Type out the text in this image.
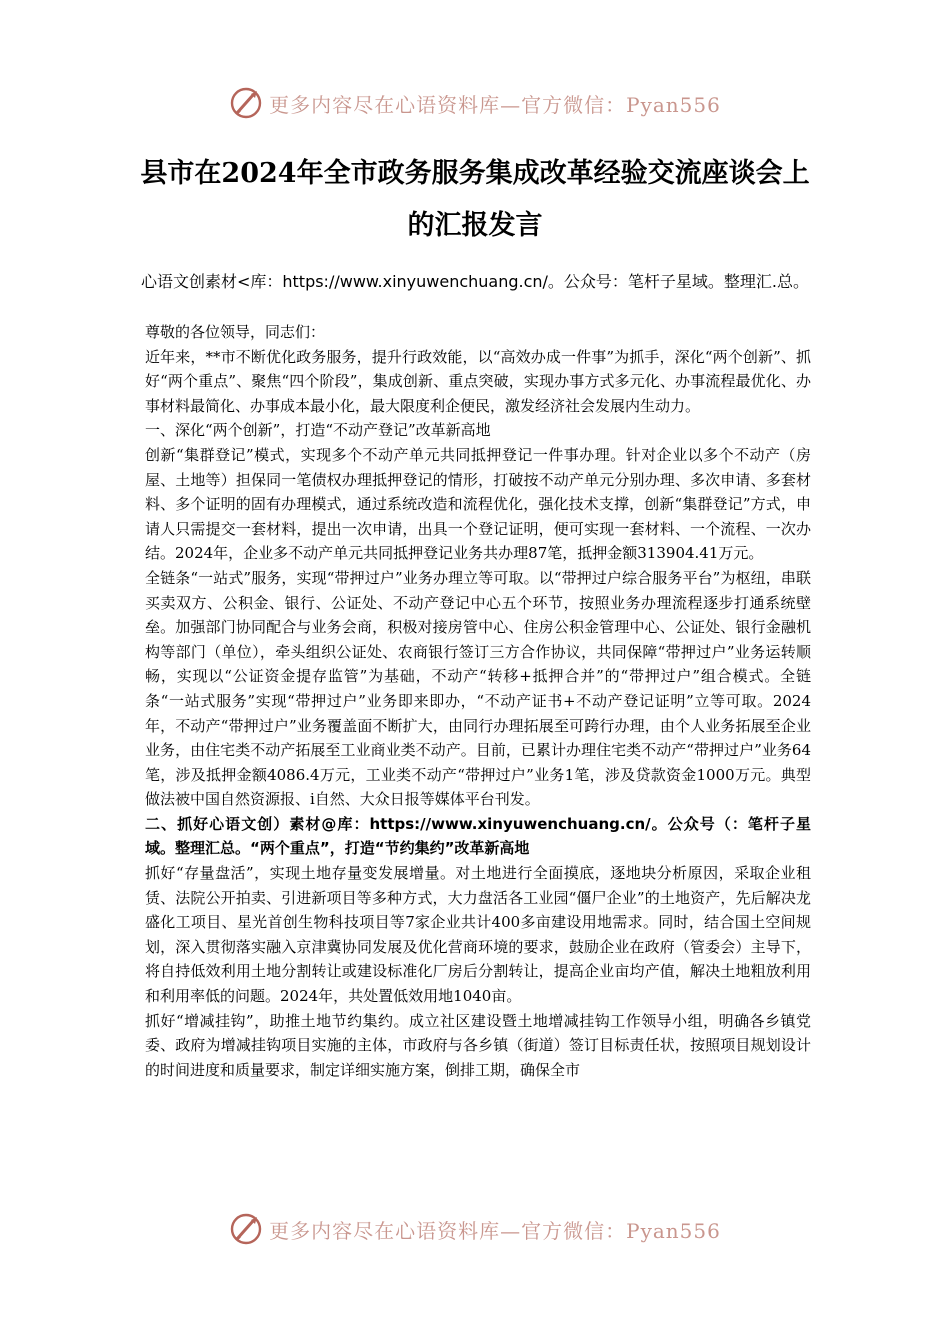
更多内容尽在心语资料库—官方微信：Pyan556
县市在2024年全市政务服务集成改革经验交流座谈会上的汇报发言
心语文创素材<库：https://www.xinyuwenchuang.cn/。公众号：笔杆子星域。整理汇.总。

尊敬的各位领导，同志们：

近年来，**市不断优化政务服务，提升行政效能，以“高效办成一件事”为抓手，深化“两个创新”、抓好“两个重点”、聚焦“四个阶段”，集成创新、重点突破，实现办事方式多元化、办事流程最优化、办事材料最简化、办事成本最小化，最大限度利企便民，激发经济社会发展内生动力。

一、深化“两个创新”，打造“不动产登记”改革新高地

创新“集群登记”模式，实现多个不动产单元共同抵押登记一件事办理。针对企业以多个不动产（房屋、土地等）担保同一笔债权办理抵押登记的情形，打破按不动产单元分别办理、多次申请、多套材料、多个证明的固有办理模式，通过系统改造和流程优化，强化技术支撑，创新“集群登记”方式，申请人只需提交一套材料，提出一次申请，出具一个登记证明，便可实现一套材料、一个流程、一次办结。2024年，企业多不动产单元共同抵押登记业务共办理87笔，抵押金额313904.41万元。

全链条“一站式”服务，实现“带押过户”业务办理立等可取。以“带押过户综合服务平台”为枢纽，串联买卖双方、公积金、银行、公证处、不动产登记中心五个环节，按照业务办理流程逐步打通系统壁垒。加强部门协同配合与业务会商，积极对接房管中心、住房公积金管理中心、公证处、银行金融机构等部门（单位），牵头组织公证处、农商银行签订三方合作协议，共同保障“带押过户”业务运转顺畅，实现以“公证资金提存监管”为基础，不动产“转移+抵押合并”的“带押过户”组合模式。全链条“一站式服务”实现“带押过户”业务即来即办，“不动产证书+不动产登记证明”立等可取。2024年，不动产“带押过户”业务覆盖面不断扩大，由同行办理拓展至可跨行办理，由个人业务拓展至企业业务，由住宅类不动产拓展至工业商业类不动产。目前，已累计办理住宅类不动产“带押过户”业务64笔，涉及抵押金额4086.4万元，工业类不动产“带押过户”业务1笔，涉及贷款资金1000万元。典型做法被中国自然资源报、i自然、大众日报等媒体平台刊发。

二、抓好心语文创）素材@库：https://www.xinyuwenchuang.cn/。公众号（：笔杆子星域。整理汇总。“两个重点”，打造“节约集约”改革新高地

抓好“存量盘活”，实现土地存量变发展增量。对土地进行全面摸底，逐地块分析原因，采取企业租赁、法院公开拍卖、引进新项目等多种方式，大力盘活各工业园“僵尸企业”的土地资产，先后解决龙盛化工项目、星光首创生物科技项目等7家企业共计400多亩建设用地需求。同时，结合国土空间规划，深入贯彻落实融入京津冀协同发展及优化营商环境的要求，鼓励企业在政府（管委会）主导下，将自持低效利用土地分割转让或建设标准化厂房后分割转让，提高企业亩均产值，解决土地粗放利用和利用率低的问题。2024年，共处置低效用地1040亩。

抓好“增减挂钩”，助推土地节约集约。成立社区建设暨土地增减挂钩工作领导小组，明确各乡镇党委、政府为增减挂钩项目实施的主体，市政府与各乡镇（街道）签订目标责任状，按照项目规划设计的时间进度和质量要求，制定详细实施方案，倒排工期，确保全市

更多内容尽在心语资料库—官方微信：Pyan556
